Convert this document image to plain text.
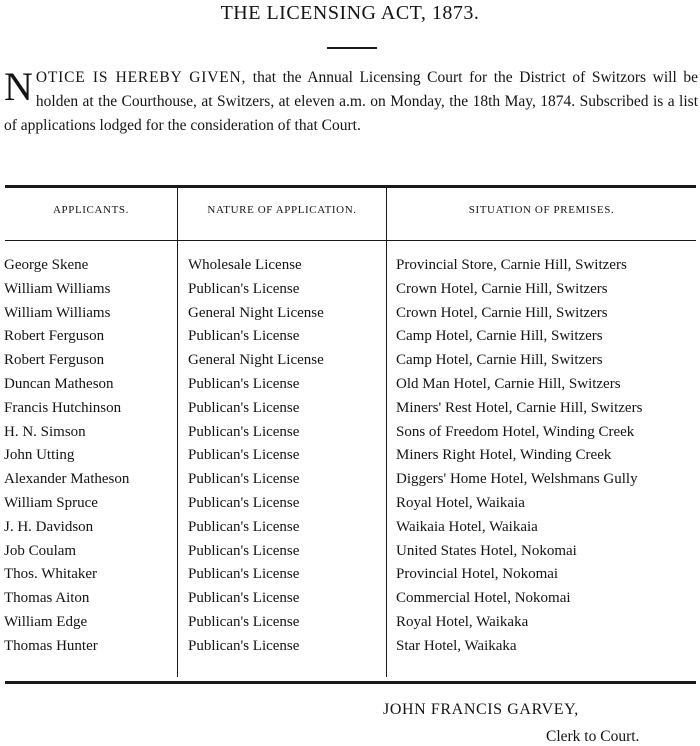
THE LICENSING ACT, 1873.
NOTICE IS HEREBY GIVEN, that the Annual Licensing Court for the District of Switzors will be holden at the Courthouse, at Switzers, at eleven a.m. on Monday, the 18th May, 1874. Subscribed is a list of applications lodged for the consideration of that Court.
APPLICANTS.	NATURE OF APPLICATION.	SITUATION OF PREMISES.
George Skene	Wholesale License	Provincial Store, Carnie Hill, Switzers
William Williams	Publican's License	Crown Hotel, Carnie Hill, Switzers
William Williams	General Night License	Crown Hotel, Carnie Hill, Switzers
Robert Ferguson	Publican's License	Camp Hotel, Carnie Hill, Switzers
Robert Ferguson	General Night License	Camp Hotel, Carnie Hill, Switzers
Duncan Matheson	Publican's License	Old Man Hotel, Carnie Hill, Switzers
Francis Hutchinson	Publican's License	Miners' Rest Hotel, Carnie Hill, Switzers
H. N. Simson	Publican's License	Sons of Freedom Hotel, Winding Creek
John Utting	Publican's License	Miners Right Hotel, Winding Creek
Alexander Matheson	Publican's License	Diggers' Home Hotel, Welshmans Gully
William Spruce	Publican's License	Royal Hotel, Waikaia
J. H. Davidson	Publican's License	Waikaia Hotel, Waikaia
Job Coulam	Publican's License	United States Hotel, Nokomai
Thos. Whitaker	Publican's License	Provincial Hotel, Nokomai
Thomas Aiton	Publican's License	Commercial Hotel, Nokomai
William Edge	Publican's License	Royal Hotel, Waikaka
Thomas Hunter	Publican's License	Star Hotel, Waikaka
JOHN FRANCIS GARVEY,
Clerk to Court.
